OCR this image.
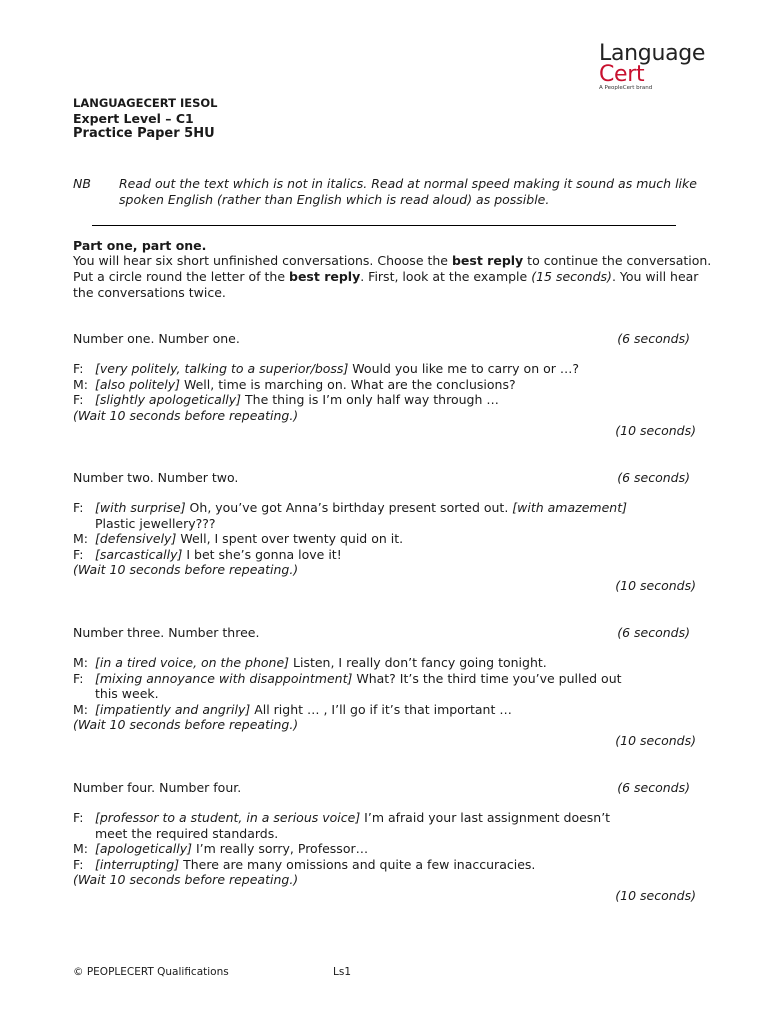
Language
Cert
A PeopleCert brand
LANGUAGECERT IESOL
Expert Level – C1
Practice Paper 5HU
NB Read out the text which is not in italics. Read at normal speed making it sound as much like spoken English (rather than English which is read aloud) as possible.
Part one, part one.
You will hear six short unfinished conversations. Choose the best reply to continue the conversation. Put a circle round the letter of the best reply. First, look at the example (15 seconds). You will hear the conversations twice.
Number one. Number one.	(6 seconds)
F: [very politely, talking to a superior/boss] Would you like me to carry on or …?
M: [also politely] Well, time is marching on. What are the conclusions?
F: [slightly apologetically] The thing is I’m only half way through …
(Wait 10 seconds before repeating.)
(10 seconds)
Number two. Number two.	(6 seconds)
F: [with surprise] Oh, you’ve got Anna’s birthday present sorted out. [with amazement]
Plastic jewellery???
M: [defensively] Well, I spent over twenty quid on it.
F: [sarcastically] I bet she’s gonna love it!
(Wait 10 seconds before repeating.)
(10 seconds)
Number three. Number three.	(6 seconds)
M: [in a tired voice, on the phone] Listen, I really don’t fancy going tonight.
F: [mixing annoyance with disappointment] What? It’s the third time you’ve pulled out
this week.
M: [impatiently and angrily] All right … , I’ll go if it’s that important …
(Wait 10 seconds before repeating.)
(10 seconds)
Number four. Number four.	(6 seconds)
F: [professor to a student, in a serious voice] I’m afraid your last assignment doesn’t
meet the required standards.
M: [apologetically] I’m really sorry, Professor…
F: [interrupting] There are many omissions and quite a few inaccuracies.
(Wait 10 seconds before repeating.)
(10 seconds)
© PEOPLECERT Qualifications	Ls1
